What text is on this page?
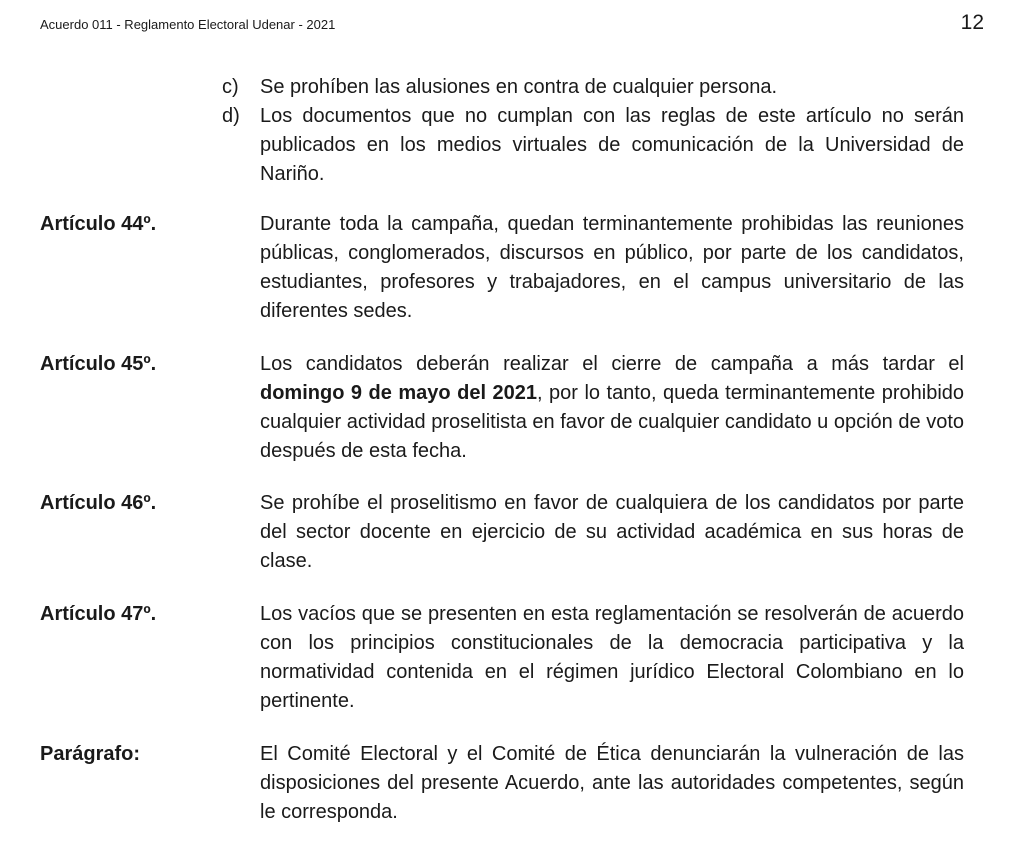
Acuerdo 011 - Reglamento Electoral Udenar - 2021	12
c)	Se prohíben las alusiones en contra de cualquier persona.
d)	Los documentos que no cumplan con las reglas de este artículo no serán publicados en los medios virtuales de comunicación de la Universidad de Nariño.
Artículo 44º.	Durante toda la campaña, quedan terminantemente prohibidas las reuniones públicas, conglomerados, discursos en público, por parte de los candidatos, estudiantes, profesores y trabajadores, en el campus universitario de las diferentes sedes.
Artículo 45º.	Los candidatos deberán realizar el cierre de campaña a más tardar el domingo 9 de mayo del 2021, por lo tanto, queda terminantemente prohibido cualquier actividad proselitista en favor de cualquier candidato u opción de voto después de esta fecha.
Artículo 46º.	Se prohíbe el proselitismo en favor de cualquiera de los candidatos por parte del sector docente en ejercicio de su actividad académica en sus horas de clase.
Artículo 47º.	Los vacíos que se presenten en esta reglamentación se resolverán de acuerdo con los principios constitucionales de la democracia participativa y la normatividad contenida en el régimen jurídico Electoral Colombiano en lo pertinente.
Parágrafo:	El Comité Electoral y el Comité de Ética denunciarán la vulneración de las disposiciones del presente Acuerdo, ante las autoridades competentes, según le corresponda.
